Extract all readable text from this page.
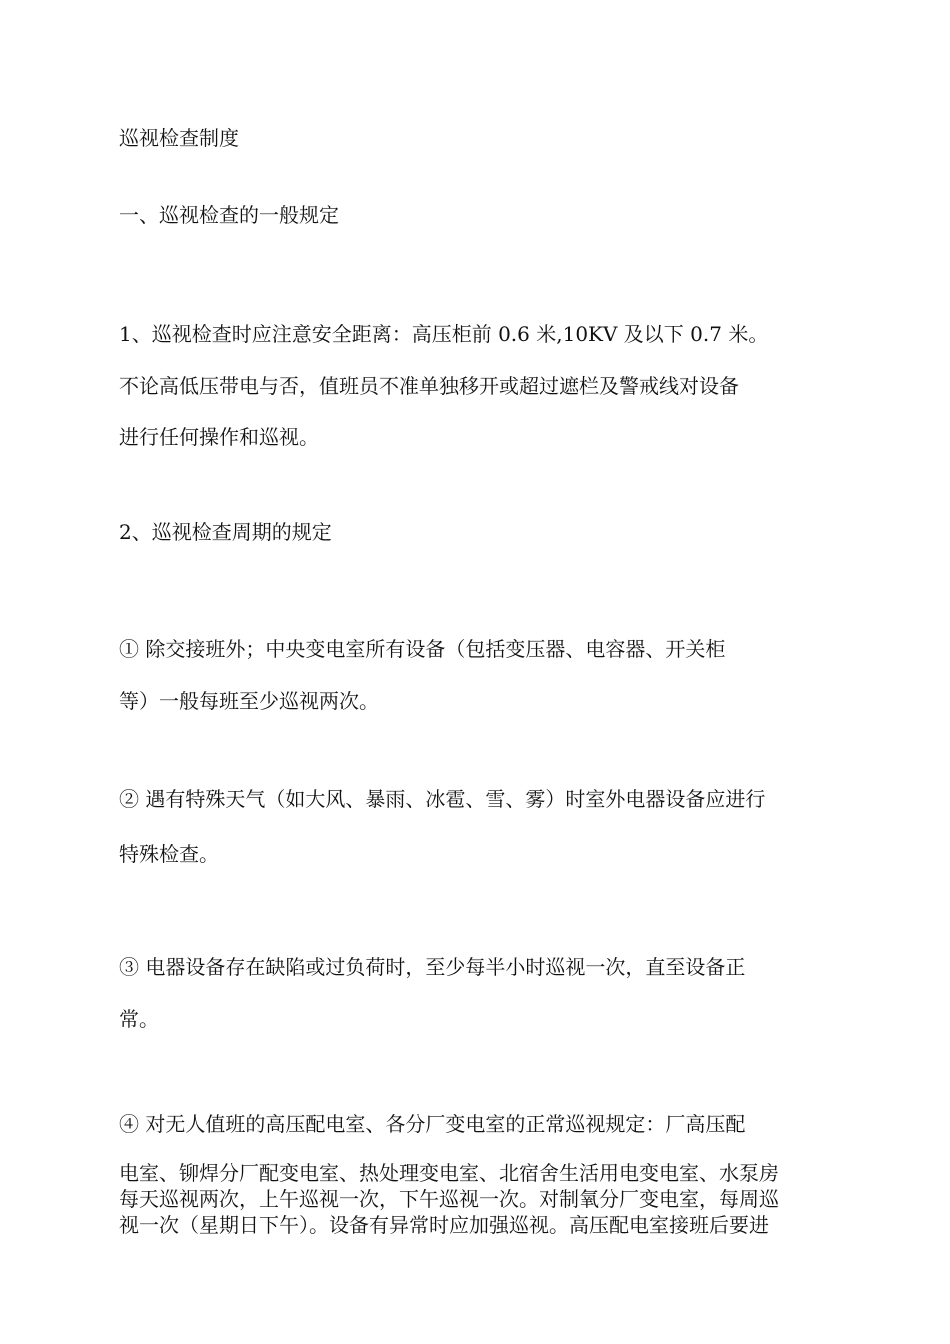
巡视检查制度
一、巡视检查的一般规定
1、巡视检查时应注意安全距离：高压柜前 0.6 米,10KV 及以下 0.7 米。
不论高低压带电与否，值班员不准单独移开或超过遮栏及警戒线对设备
进行任何操作和巡视。
2、巡视检查周期的规定
① 除交接班外；中央变电室所有设备（包括变压器、电容器、开关柜
等）一般每班至少巡视两次。
② 遇有特殊天气（如大风、暴雨、冰雹、雪、雾）时室外电器设备应进行
特殊检查。
③ 电器设备存在缺陷或过负荷时，至少每半小时巡视一次，直至设备正
常。
④ 对无人值班的高压配电室、各分厂变电室的正常巡视规定：厂高压配
电室、铆焊分厂配变电室、热处理变电室、北宿舍生活用电变电室、水泵房
每天巡视两次，上午巡视一次，下午巡视一次。对制氧分厂变电室，每周巡
视一次（星期日下午）。设备有异常时应加强巡视。高压配电室接班后要进
